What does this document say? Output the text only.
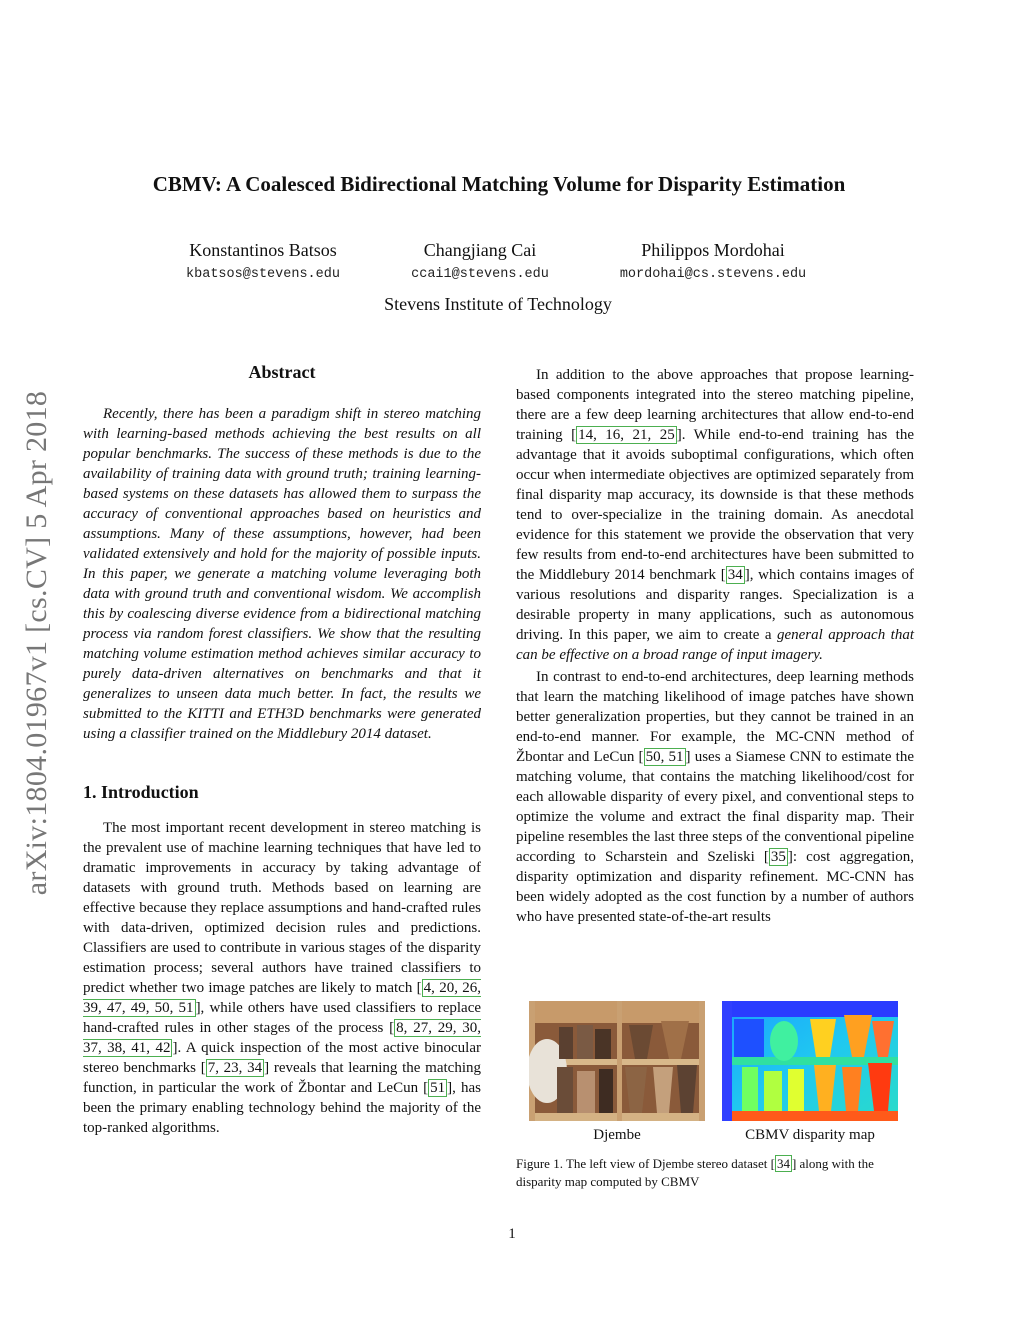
arXiv:1804.01967v1 [cs.CV] 5 Apr 2018
CBMV: A Coalesced Bidirectional Matching Volume for Disparity Estimation
Konstantinos Batsos
kbatsos@stevens.edu
Changjiang Cai
ccai1@stevens.edu
Philippos Mordohai
mordohai@cs.stevens.edu
Stevens Institute of Technology
Abstract

Recently, there has been a paradigm shift in stereo matching with learning-based methods achieving the best results on all popular benchmarks. The success of these methods is due to the availability of training data with ground truth; training learning-based systems on these datasets has allowed them to surpass the accuracy of conventional approaches based on heuristics and assumptions. Many of these assumptions, however, had been validated extensively and hold for the majority of possible inputs. In this paper, we generate a matching volume leveraging both data with ground truth and conventional wisdom. We accomplish this by coalescing diverse evidence from a bidirectional matching process via random forest classifiers. We show that the resulting matching volume estimation method achieves similar accuracy to purely data-driven alternatives on benchmarks and that it generalizes to unseen data much better. In fact, the results we submitted to the KITTI and ETH3D benchmarks were generated using a classifier trained on the Middlebury 2014 dataset.

1. Introduction

The most important recent development in stereo matching is the prevalent use of machine learning techniques that have led to dramatic improvements in accuracy by taking advantage of datasets with ground truth. Methods based on learning are effective because they replace assumptions and hand-crafted rules with data-driven, optimized decision rules and predictions. Classifiers are used to contribute in various stages of the disparity estimation process; several authors have trained classifiers to predict whether two image patches are likely to match [ 4, 20, 26, 39, 47, 49, 50, 51 ], while others have used classifiers to replace hand-crafted rules in other stages of the process [ 8, 27, 29, 30, 37, 38, 41, 42 ]. A quick inspection of the most active binocular stereo benchmarks [ 7, 23, 34 ] reveals that learning the matching function, in particular the work of Žbontar and LeCun [ 51 ], has been the primary enabling technology behind the majority of the top-ranked algorithms.

In addition to the above approaches that propose learning-based components integrated into the stereo matching pipeline, there are a few deep learning architectures that allow end-to-end training [ 14, 16, 21, 25 ]. While end-to-end training has the advantage that it avoids suboptimal configurations, which often occur when intermediate objectives are optimized separately from final disparity map accuracy, its downside is that these methods tend to over-specialize in the training domain. As anecdotal evidence for this statement we provide the observation that very few results from end-to-end architectures have been submitted to the Middlebury 2014 benchmark [ 34 ], which contains images of various resolutions and disparity ranges. Specialization is a desirable property in many applications, such as autonomous driving. In this paper, we aim to create a general approach that can be effective on a broad range of input imagery.

In contrast to end-to-end architectures, deep learning methods that learn the matching likelihood of image patches have shown better generalization properties, but they cannot be trained in an end-to-end manner. For example, the MC-CNN method of Žbontar and LeCun [ 50, 51 ] uses a Siamese CNN to estimate the matching volume, that contains the matching likelihood/cost for each allowable disparity of every pixel, and conventional steps to optimize the volume and extract the final disparity map. Their pipeline resembles the last three steps of the conventional pipeline according to Scharstein and Szeliski [ 35 ]: cost aggregation, disparity optimization and disparity refinement. MC-CNN has been widely adopted as the cost function by a number of authors who have presented state-of-the-art results

Djembe	CBMV disparity map
Figure 1. The left view of Djembe stereo dataset [ 34 ] along with the disparity map computed by CBMV
1
